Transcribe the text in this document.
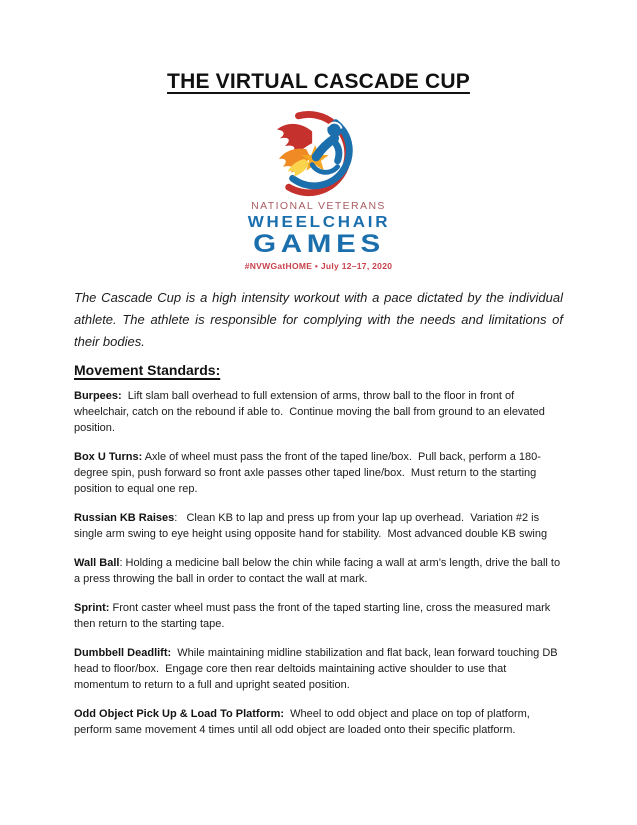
THE VIRTUAL CASCADE CUP
NATIONAL VETERANS
WHEELCHAIR
GAMES
#NVWGatHOME • July 12–17, 2020

The Cascade Cup is a high intensity workout with a pace dictated by the individual athlete. The athlete is responsible for complying with the needs and limitations of their bodies.

Movement Standards:

Burpees:  Lift slam ball overhead to full extension of arms, throw ball to the floor in front of wheelchair, catch on the rebound if able to.  Continue moving the ball from ground to an elevated position.

Box U Turns: Axle of wheel must pass the front of the taped line/box.  Pull back, perform a 180-degree spin, push forward so front axle passes other taped line/box.  Must return to the starting position to equal one rep.

Russian KB Raises:   Clean KB to lap and press up from your lap up overhead.  Variation #2 is single arm swing to eye height using opposite hand for stability.  Most advanced double KB swing

Wall Ball: Holding a medicine ball below the chin while facing a wall at arm’s length, drive the ball to a press throwing the ball in order to contact the wall at mark.

Sprint: Front caster wheel must pass the front of the taped starting line, cross the measured mark then return to the starting tape.

Dumbbell Deadlift:  While maintaining midline stabilization and flat back, lean forward touching DB head to floor/box.  Engage core then rear deltoids maintaining active shoulder to use that momentum to return to a full and upright seated position.

Odd Object Pick Up & Load To Platform:  Wheel to odd object and place on top of platform, perform same movement 4 times until all odd object are loaded onto their specific platform.
